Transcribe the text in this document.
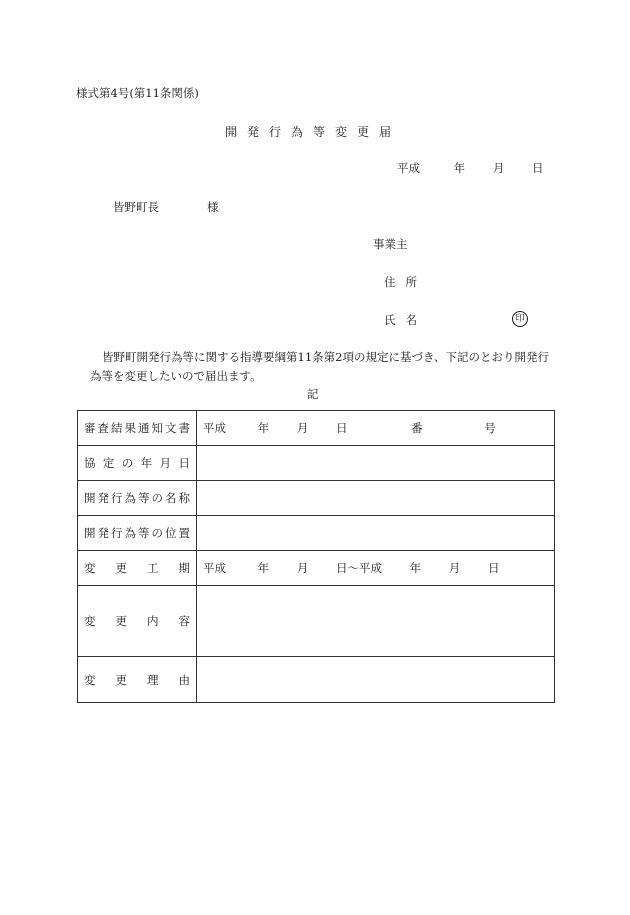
様式第4号(第11条関係)
開発行為等変更届
平成	年 月 日
皆野町長	様
事業主
住所
氏名	印
皆野町開発行為等に関する指導要綱第11条第2項の規定に基づき、下記のとおり開発行為等を変更したいので届出ます。
記
審査結果通知文書	平成 年 月 日 番 号
協定の年月日	
開発行為等の名称	
開発行為等の位置	
変更工期	平成 年 月 日〜平成 年 月 日
変更内容	
変更理由	
